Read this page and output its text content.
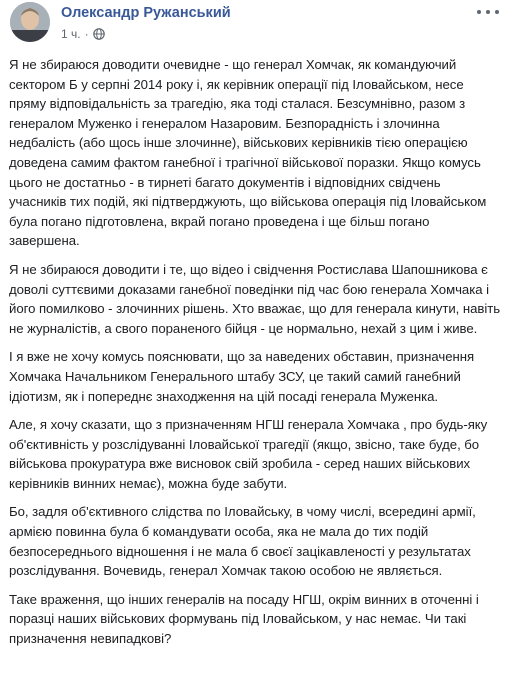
Олександр Ружанський
1 ч. ·

Я не збираюся доводити очевидне - що генерал Хомчак, як командуючий сектором Б у серпні 2014 року і, як керівник операції під Іловайськом, несе пряму відповідальність за трагедію, яка тоді сталася. Безсумнівно, разом з генералом Муженко і генералом Назаровим. Безпорадність і злочинна недбалість (або щось інше злочинне), військових керівників тією операцією доведена самим фактом ганебної і трагічної військової поразки. Якщо комусь цього не достатньо - в тирнеті багато документів і відповідних свідчень учасників тих подій, які підтверджують, що військова операція під Іловайськом була погано підготовлена, вкрай погано проведена і ще більш погано завершена.

Я не збираюся доводити і те, що відео і свідчення Ростислава Шапошникова є доволі суттєвими доказами ганебної поведінки під час бою генерала Хомчака і його помилково - злочинних рішень. Хто вважає, що для генерала кинути, навіть не журналістів, а свого пораненого бійця - це нормально, нехай з цим і живе.

І я вже не хочу комусь пояснювати, що за наведених обставин, призначення Хомчака Начальником Генерального штабу ЗСУ, це такий самий ганебний ідіотизм, як і попереднє знаходження на цій посаді генерала Муженка.

Але, я хочу сказати, що з призначенням НГШ генерала Хомчака , про будь-яку об'єктивність у розслідуванні Іловайської трагедії (якщо, звісно, таке буде, бо військова прокуратура вже висновок свій зробила - серед наших військових керівників винних немає), можна буде забути.

Бо, задля об'єктивного слідства по Іловайську, в чому числі, всередині армії, армією повинна була б командувати особа, яка не мала до тих подій безпосереднього відношення і не мала б своєї зацікавленості у результатах розслідування. Вочевидь, генерал Хомчак такою особою не являється.

Таке враження, що інших генералів на посаду НГШ, окрім винних в оточенні і поразці наших військових формувань під Іловайськом, у нас немає. Чи такі призначення невипадкові?
